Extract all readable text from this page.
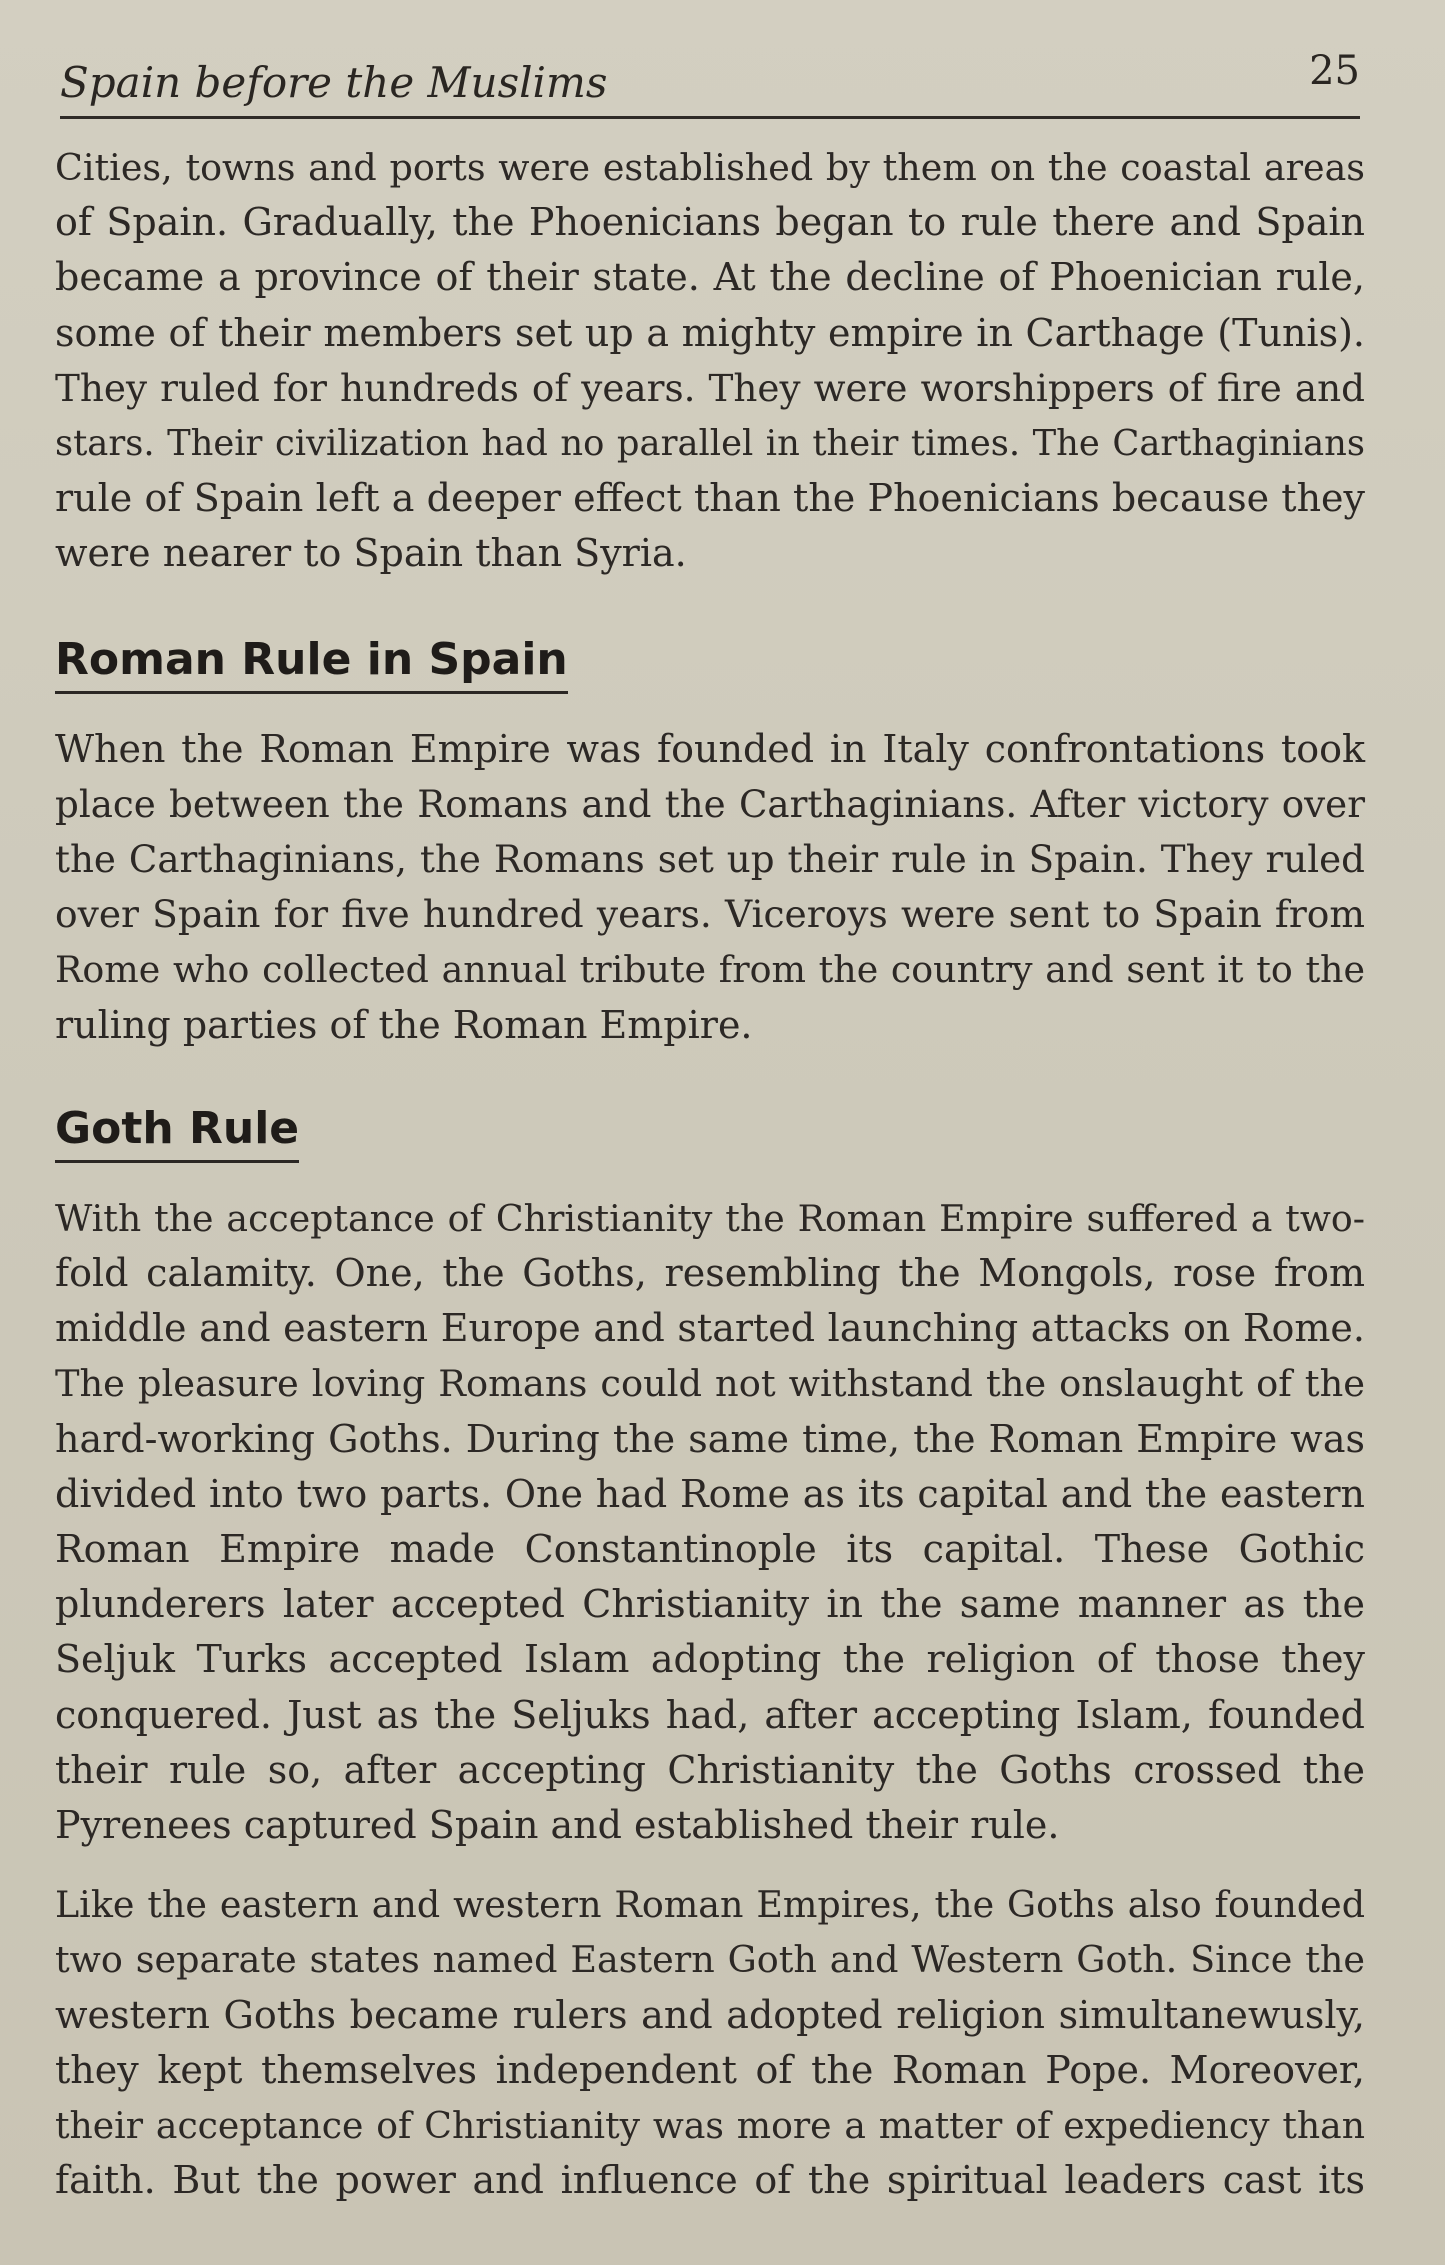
Spain before the Muslims	25

Cities, towns and ports were established by them on the coastal areas
of Spain. Gradually, the Phoenicians began to rule there and Spain
became a province of their state. At the decline of Phoenician rule,
some of their members set up a mighty empire in Carthage (Tunis).
They ruled for hundreds of years. They were worshippers of fire and
stars. Their civilization had no parallel in their times. The Carthaginians
rule of Spain left a deeper effect than the Phoenicians because they
were nearer to Spain than Syria.

Roman Rule in Spain

When the Roman Empire was founded in Italy confrontations took
place between the Romans and the Carthaginians. After victory over
the Carthaginians, the Romans set up their rule in Spain. They ruled
over Spain for five hundred years. Viceroys were sent to Spain from
Rome who collected annual tribute from the country and sent it to the
ruling parties of the Roman Empire.

Goth Rule

With the acceptance of Christianity the Roman Empire suffered a two-
fold calamity. One, the Goths, resembling the Mongols, rose from
middle and eastern Europe and started launching attacks on Rome.
The pleasure loving Romans could not withstand the onslaught of the
hard-working Goths. During the same time, the Roman Empire was
divided into two parts. One had Rome as its capital and the eastern
Roman Empire made Constantinople its capital. These Gothic
plunderers later accepted Christianity in the same manner as the
Seljuk Turks accepted Islam adopting the religion of those they
conquered. Just as the Seljuks had, after accepting Islam, founded
their rule so, after accepting Christianity the Goths crossed the
Pyrenees captured Spain and established their rule.

Like the eastern and western Roman Empires, the Goths also founded
two separate states named Eastern Goth and Western Goth. Since the
western Goths became rulers and adopted religion simultanewusly,
they kept themselves independent of the Roman Pope. Moreover,
their acceptance of Christianity was more a matter of expediency than
faith. But the power and influence of the spiritual leaders cast its
